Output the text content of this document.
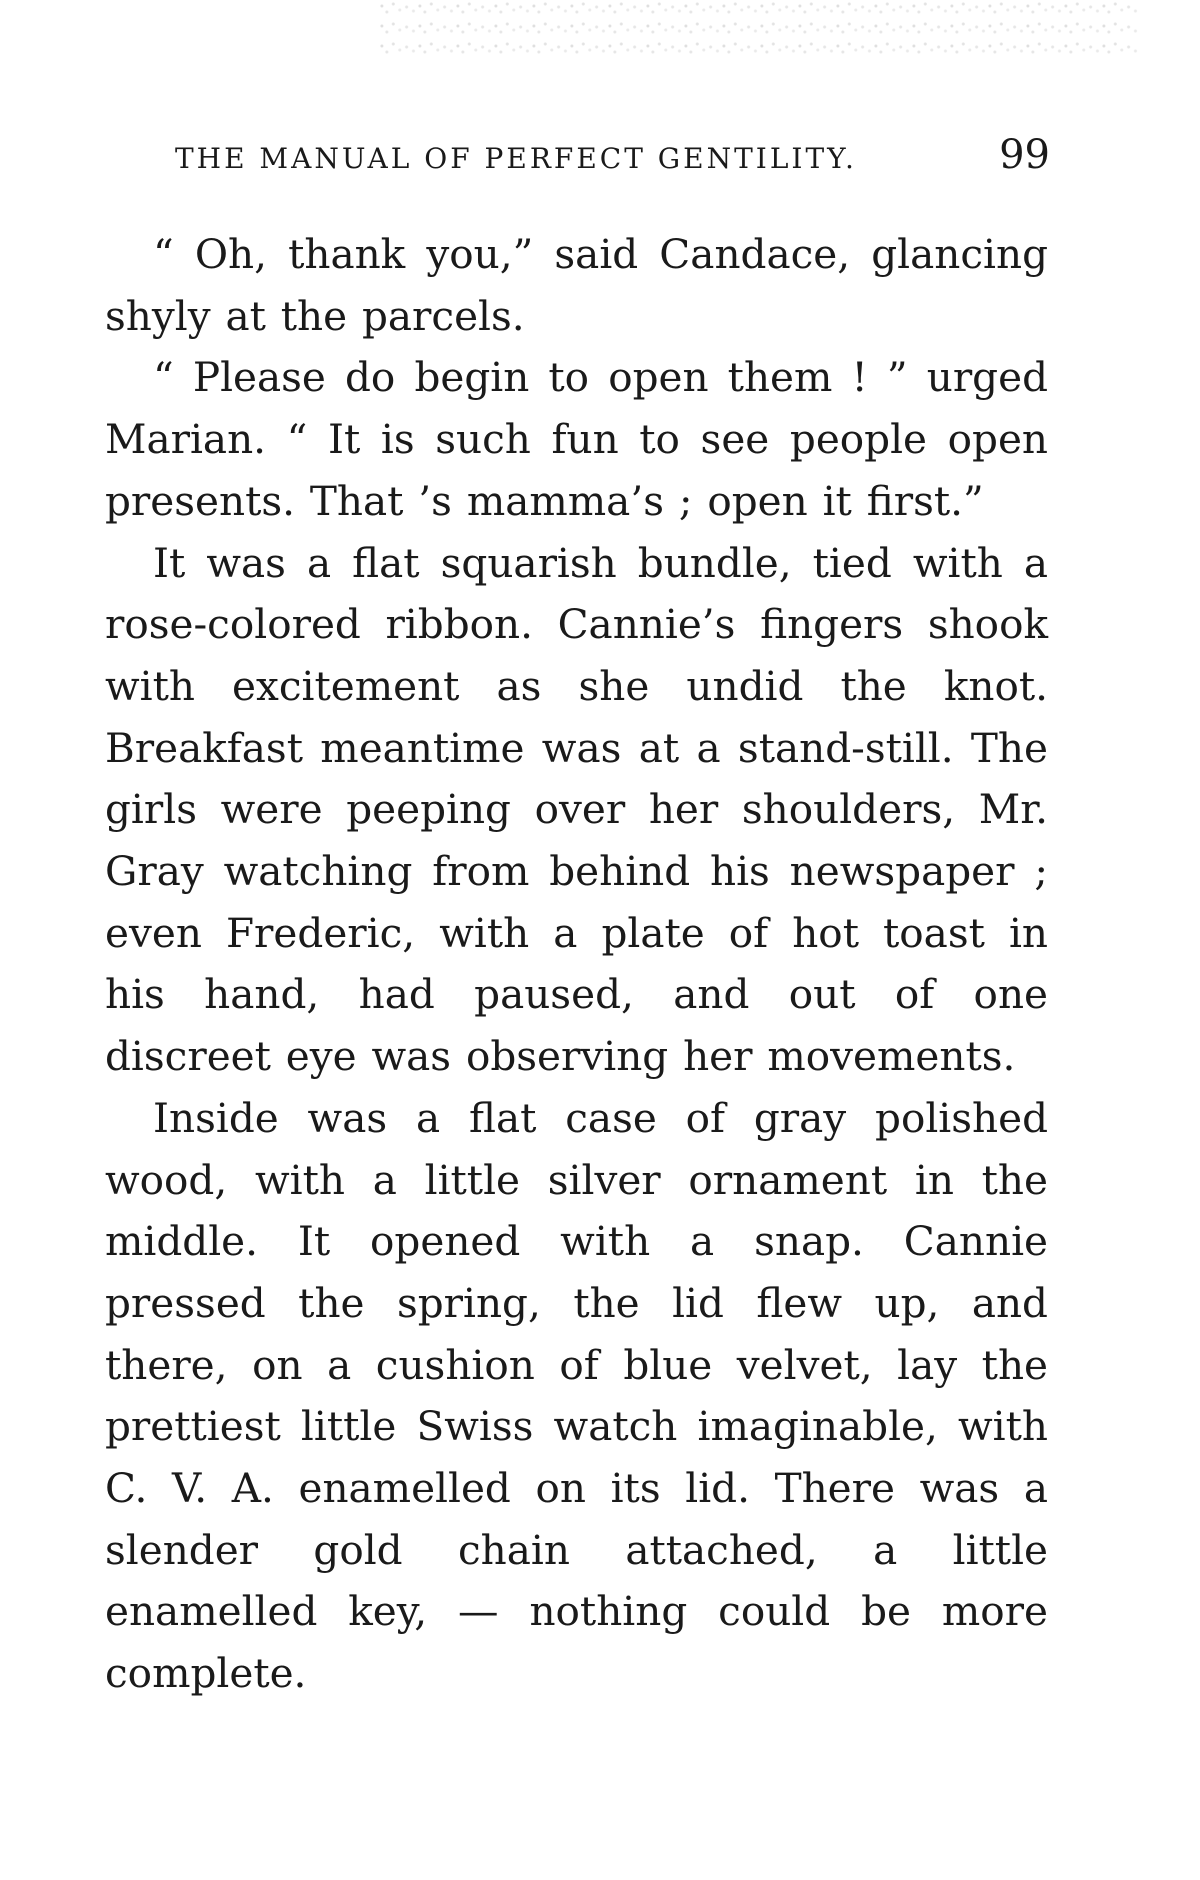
THE MANUAL OF PERFECT GENTILITY.	99

“ Oh, thank you,” said Candace, glancing shyly at the parcels.

“ Please do begin to open them ! ” urged Marian. “ It is such fun to see people open presents. That ’s mamma’s ; open it first.”

It was a flat squarish bundle, tied with a rose-colored ribbon. Cannie’s fingers shook with excitement as she undid the knot. Breakfast meantime was at a stand-still. The girls were peeping over her shoulders, Mr. Gray watching from behind his newspaper ; even Frederic, with a plate of hot toast in his hand, had paused, and out of one discreet eye was observing her movements.

Inside was a flat case of gray polished wood, with a little silver ornament in the middle. It opened with a snap. Cannie pressed the spring, the lid flew up, and there, on a cushion of blue velvet, lay the prettiest little Swiss watch imaginable, with C. V. A. enamelled on its lid. There was a slender gold chain attached, a little enamelled key, — nothing could be more complete.
